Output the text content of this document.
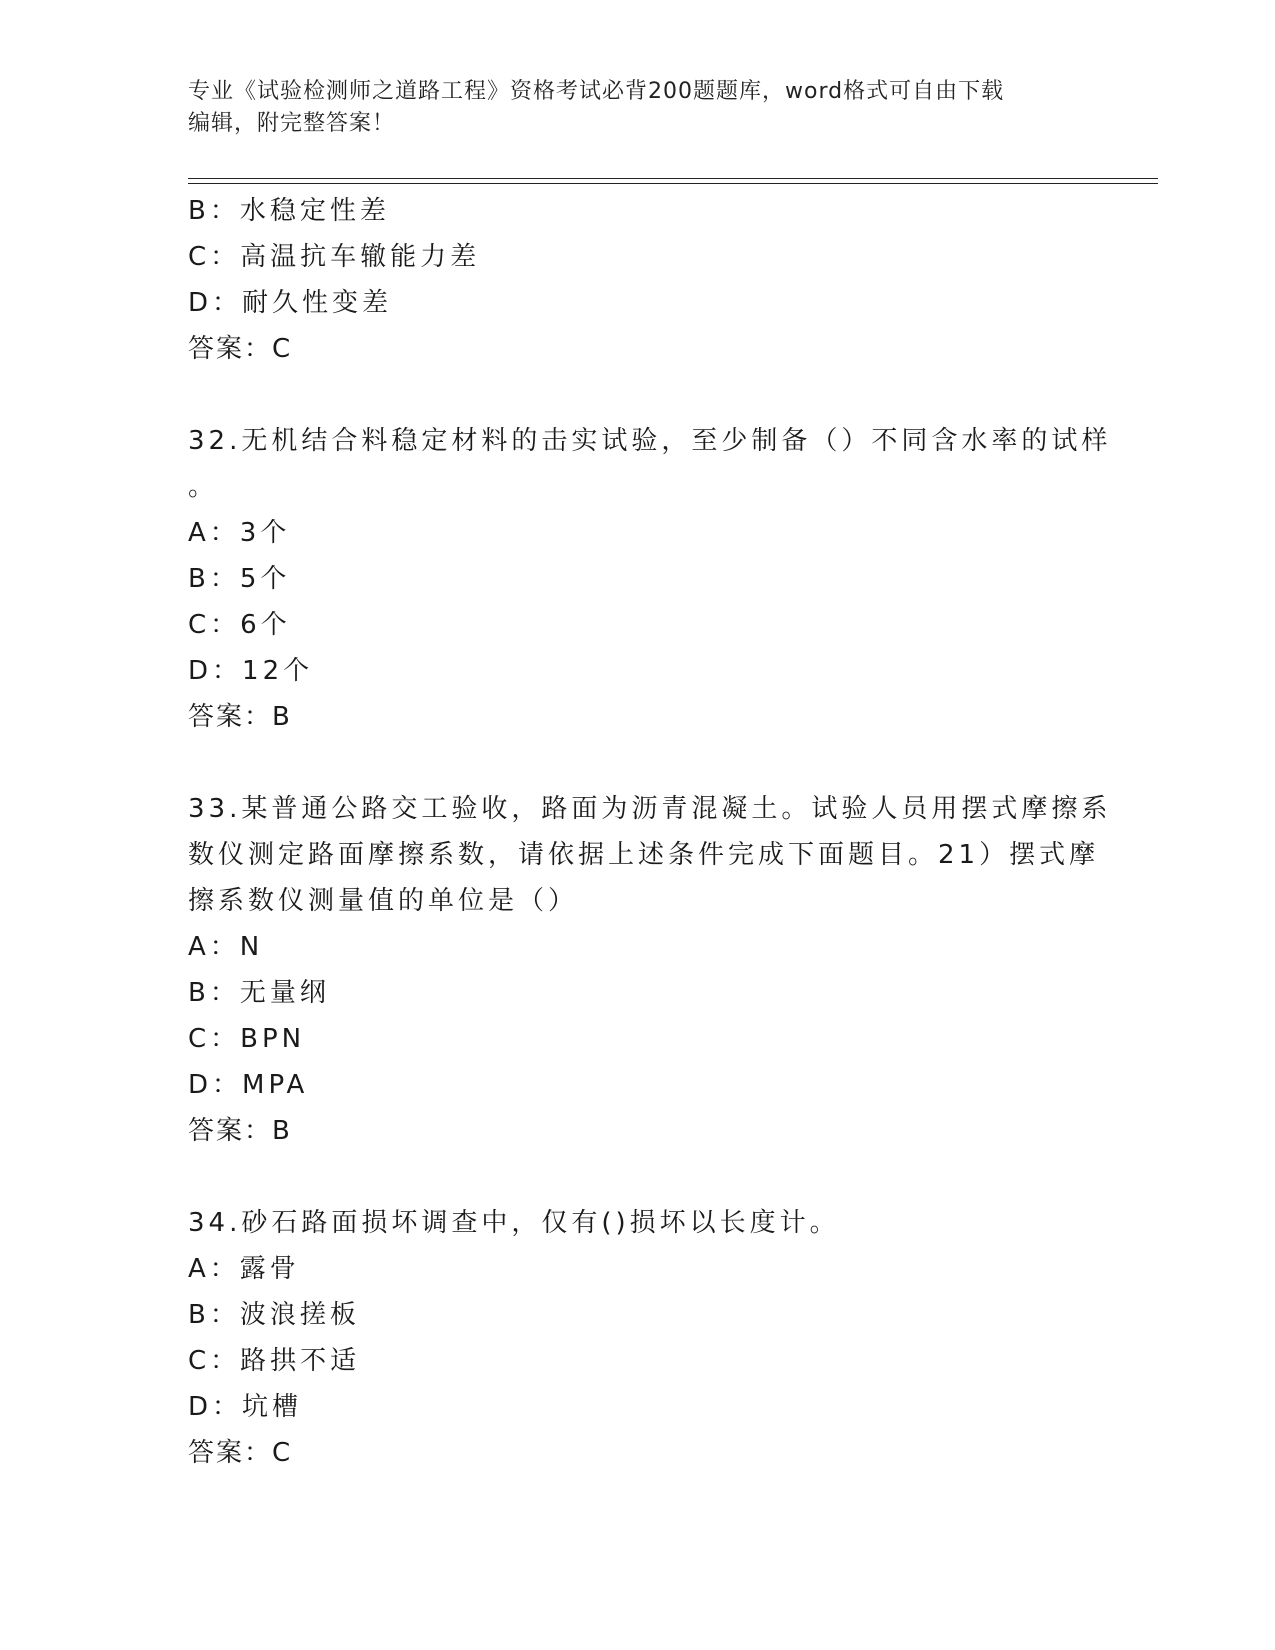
专业《试验检测师之道路工程》资格考试必背200题题库，word格式可自由下载
编辑，附完整答案！
B：水稳定性差
C：高温抗车辙能力差
D：耐久性变差
答案：C
32.无机结合料稳定材料的击实试验，至少制备（）不同含水率的试样
。
A：3个
B：5个
C：6个
D：12个
答案：B
33.某普通公路交工验收，路面为沥青混凝土。试验人员用摆式摩擦系
数仪测定路面摩擦系数，请依据上述条件完成下面题目。21）摆式摩
擦系数仪测量值的单位是（）
A：N
B：无量纲
C：BPN
D：MPA
答案：B
34.砂石路面损坏调查中，仅有()损坏以长度计。
A：露骨
B：波浪搓板
C：路拱不适
D：坑槽
答案：C
